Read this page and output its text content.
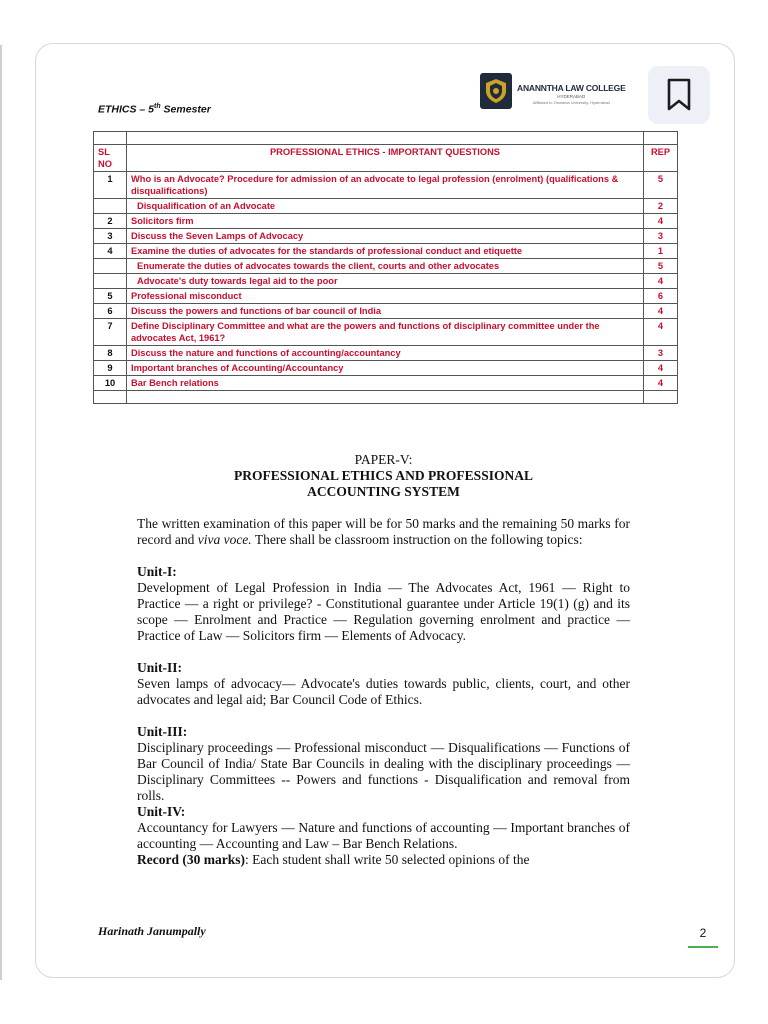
ETHICS – 5th Semester
ANANNTHA LAW COLLEGE
HYDERABAD
Affiliated to Osmania University, Hyderabad

SL NO	PROFESSIONAL ETHICS - IMPORTANT QUESTIONS	REP
1	Who is an Advocate? Procedure for admission of an advocate to legal profession (enrolment) (qualifications & disqualifications)	5
	Disqualification of an Advocate	2
2	Solicitors firm	4
3	Discuss the Seven Lamps of Advocacy	3
4	Examine the duties of advocates for the standards of professional conduct and etiquette	1
	Enumerate the duties of advocates towards the client, courts and other advocates	5
	Advocate's duty towards legal aid to the poor	4
5	Professional misconduct	6
6	Discuss the powers and functions of bar council of India	4
7	Define Disciplinary Committee and what are the powers and functions of disciplinary committee under the advocates Act, 1961?	4
8	Discuss the nature and functions of accounting/accountancy	3
9	Important branches of Accounting/Accountancy	4
10	Bar Bench relations	4

PAPER-V:
PROFESSIONAL ETHICS AND PROFESSIONAL
ACCOUNTING SYSTEM

The written examination of this paper will be for 50 marks and the remaining 50 marks for record and viva voce. There shall be classroom instruction on the following topics:

Unit-I:

Development of Legal Profession in India — The Advocates Act, 1961 — Right to Practice — a right or privilege? - Constitutional guarantee under Article 19(1) (g) and its scope — Enrolment and Practice — Regulation governing enrolment and practice — Practice of Law — Solicitors firm — Elements of Advocacy.

Unit-II:

Seven lamps of advocacy— Advocate's duties towards public, clients, court, and other advocates and legal aid; Bar Council Code of Ethics.

Unit-III:

Disciplinary proceedings — Professional misconduct — Disqualifications — Functions of Bar Council of India/ State Bar Councils in dealing with the disciplinary proceedings —Disciplinary Committees -- Powers and functions - Disqualification and removal from rolls.

Unit-IV:

Accountancy for Lawyers — Nature and functions of accounting — Important branches of accounting — Accounting and Law – Bar Bench Relations.

Record (30 marks): Each student shall write 50 selected opinions of the

Harinath Janumpally	2
